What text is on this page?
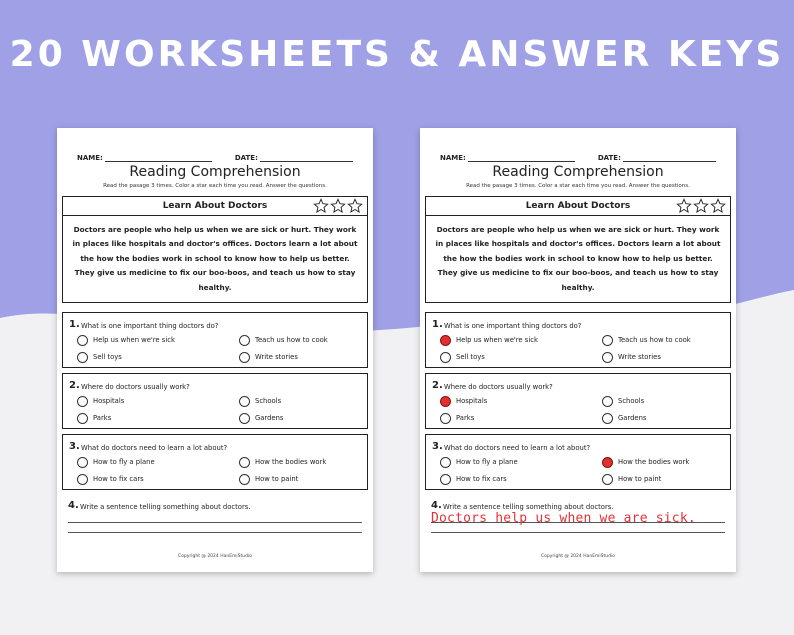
20 WORKSHEETS & ANSWER KEYS
NAME:	DATE:
Reading Comprehension
Read the pasage 3 times. Color a star each time you read. Answer the questions.
Learn About Doctors
Doctors are people who help us when we are sick or hurt. They work in places like hospitals and doctor's offices. Doctors learn a lot about the how the bodies work in school to know how to help us better. They give us medicine to fix our boo-boos, and teach us how to stay healthy.
1. What is one important thing doctors do?
Help us when we're sick	Teach us how to cook
Sell toys	Write stories
2. Where do doctors usually work?
Hospitals	Schools
Parks	Gardens
3. What do doctors need to learn a lot about?
How to fly a plane	How the bodies work
How to fix cars	How to paint
4. Write a sentence telling something about doctors.
Copyright @ 2024 HanEmiStudio
NAME:	DATE:
Reading Comprehension
Read the pasage 3 times. Color a star each time you read. Answer the questions.
Learn About Doctors
Doctors are people who help us when we are sick or hurt. They work in places like hospitals and doctor's offices. Doctors learn a lot about the how the bodies work in school to know how to help us better. They give us medicine to fix our boo-boos, and teach us how to stay healthy.
1. What is one important thing doctors do?
Help us when we're sick	Teach us how to cook
Sell toys	Write stories
2. Where do doctors usually work?
Hospitals	Schools
Parks	Gardens
3. What do doctors need to learn a lot about?
How to fly a plane	How the bodies work
How to fix cars	How to paint
4. Write a sentence telling something about doctors.
Doctors help us when we are sick.
Copyright @ 2024 HanEmiStudio
